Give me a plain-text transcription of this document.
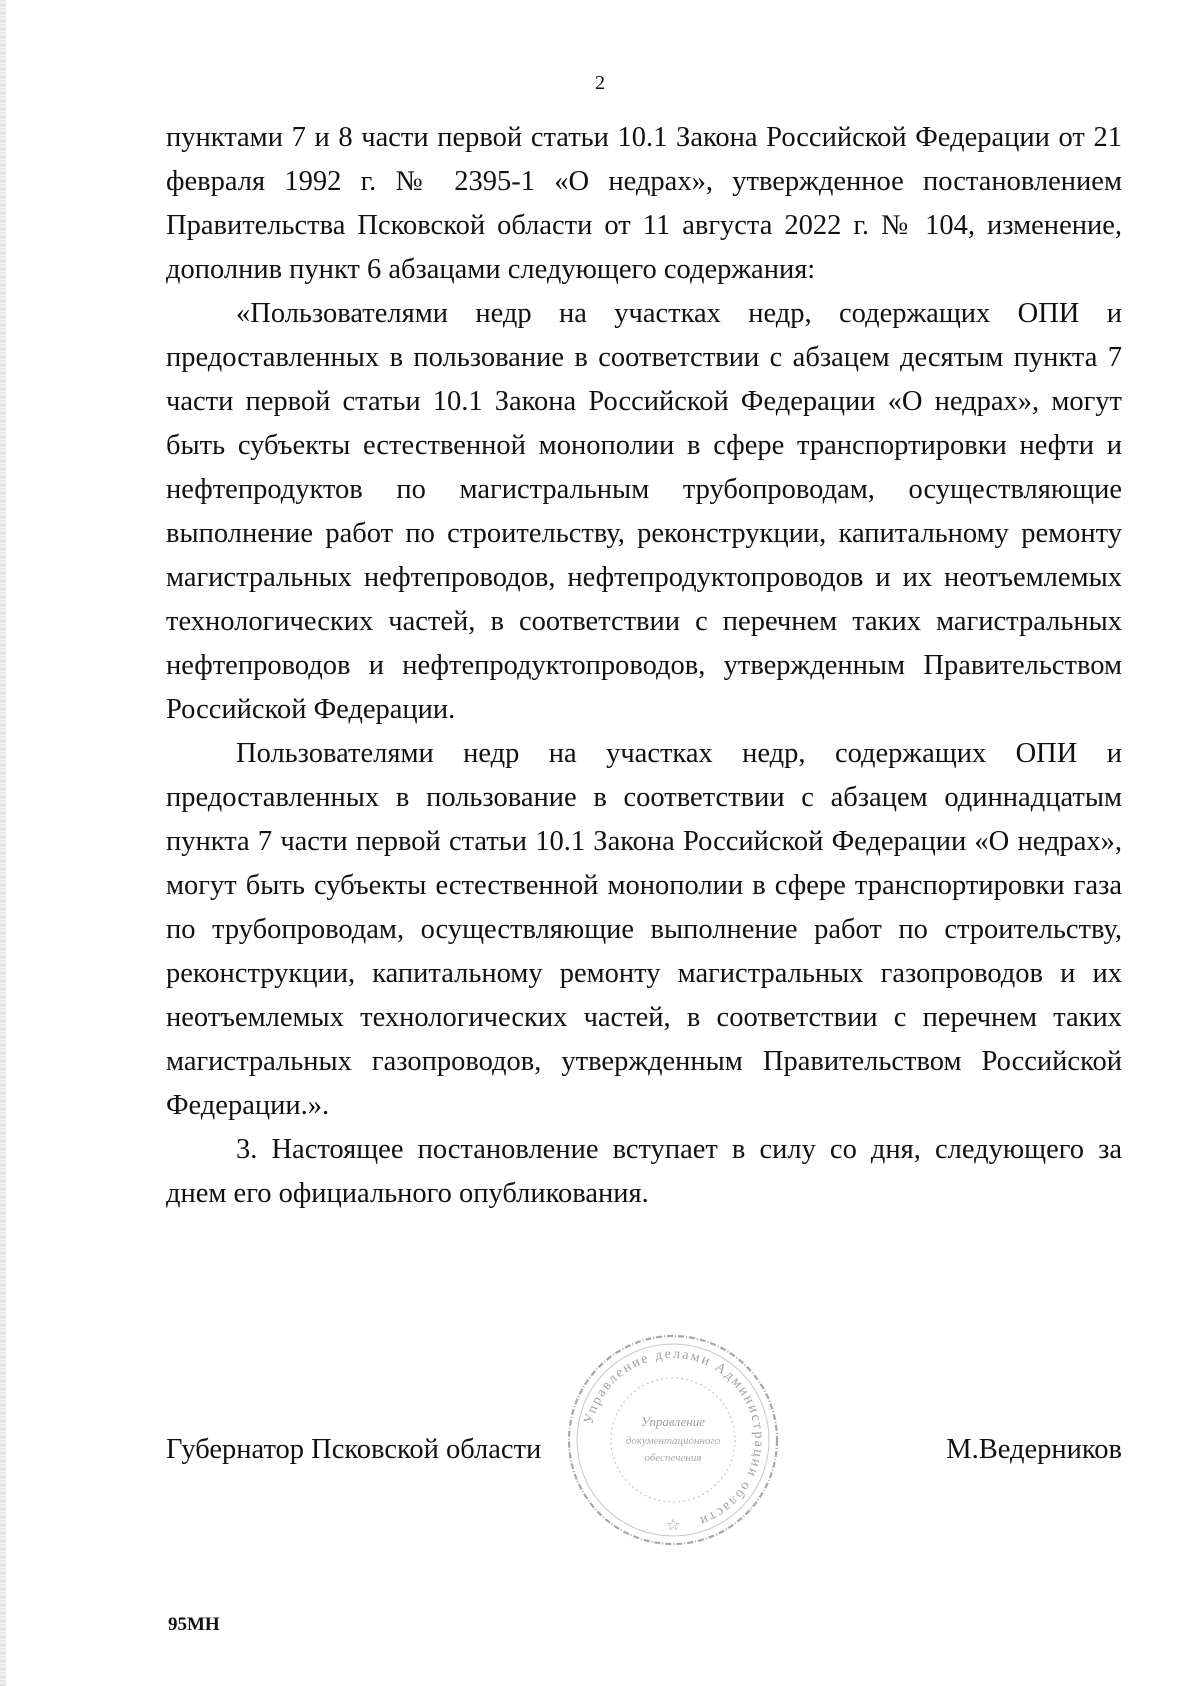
2

пунктами 7 и 8 части первой статьи 10.1 Закона Российской Федерации от 21 февраля 1992 г. № 2395-1 «О недрах», утвержденное постановлением Правительства Псковской области от 11 августа 2022 г. № 104, изменение, дополнив пункт 6 абзацами следующего содержания:

«Пользователями недр на участках недр, содержащих ОПИ и предоставленных в пользование в соответствии с абзацем десятым пункта 7 части первой статьи 10.1 Закона Российской Федерации «О недрах», могут быть субъекты естественной монополии в сфере транспортировки нефти и нефтепродуктов по магистральным трубопроводам, осуществляющие выполнение работ по строительству, реконструкции, капитальному ремонту магистральных нефтепроводов, нефтепродуктопроводов и их неотъемлемых технологических частей, в соответствии с перечнем таких магистральных нефтепроводов и нефтепродуктопроводов, утвержденным Правительством Российской Федерации.

Пользователями недр на участках недр, содержащих ОПИ и предоставленных в пользование в соответствии с абзацем одиннадцатым пункта 7 части первой статьи 10.1 Закона Российской Федерации «О недрах», могут быть субъекты естественной монополии в сфере транспортировки газа по трубопроводам, осуществляющие выполнение работ по строительству, реконструкции, капитальному ремонту магистральных газопроводов и их неотъемлемых технологических частей, в соответствии с перечнем таких магистральных газопроводов, утвержденным Правительством Российской Федерации.».

3. Настоящее постановление вступает в силу со дня, следующего за днем его официального опубликования.

Губернатор Псковской области	М.Ведерников
Управление делами Администрации области
Управление
документационного
обеспечения
☆
95МН
